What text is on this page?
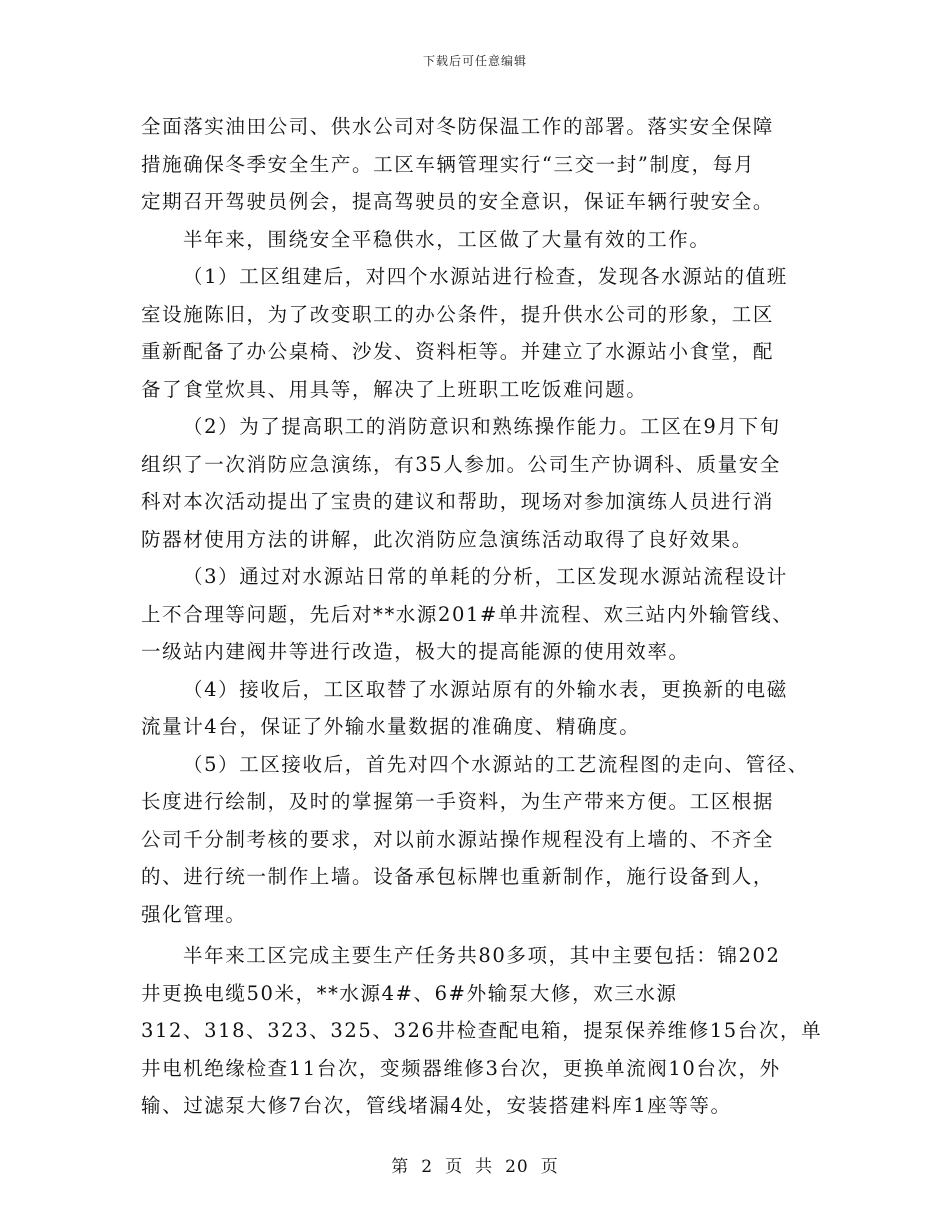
下载后可任意编辑
全面落实油田公司、供水公司对冬防保温工作的部署。落实安全保障
措施确保冬季安全生产。工区车辆管理实行“三交一封”制度，每月
定期召开驾驶员例会，提高驾驶员的安全意识，保证车辆行驶安全。
半年来，围绕安全平稳供水，工区做了大量有效的工作。
（1）工区组建后，对四个水源站进行检查，发现各水源站的值班
室设施陈旧，为了改变职工的办公条件，提升供水公司的形象，工区
重新配备了办公桌椅、沙发、资料柜等。并建立了水源站小食堂，配
备了食堂炊具、用具等，解决了上班职工吃饭难问题。
（2）为了提高职工的消防意识和熟练操作能力。工区在9月下旬
组织了一次消防应急演练，有35人参加。公司生产协调科、质量安全
科对本次活动提出了宝贵的建议和帮助，现场对参加演练人员进行消
防器材使用方法的讲解，此次消防应急演练活动取得了良好效果。
（3）通过对水源站日常的单耗的分析，工区发现水源站流程设计
上不合理等问题，先后对**水源201#单井流程、欢三站内外输管线、
一级站内建阀井等进行改造，极大的提高能源的使用效率。
（4）接收后，工区取替了水源站原有的外输水表，更换新的电磁
流量计4台，保证了外输水量数据的准确度、精确度。
（5）工区接收后，首先对四个水源站的工艺流程图的走向、管径、
长度进行绘制，及时的掌握第一手资料，为生产带来方便。工区根据
公司千分制考核的要求，对以前水源站操作规程没有上墙的、不齐全
的、进行统一制作上墙。设备承包标牌也重新制作，施行设备到人，
强化管理。
半年来工区完成主要生产任务共80多项，其中主要包括：锦202
井更换电缆50米，**水源4#、6#外输泵大修，欢三水源
312、318、323、325、326井检查配电箱，提泵保养维修15台次，单
井电机绝缘检查11台次，变频器维修3台次，更换单流阀10台次，外
输、过滤泵大修7台次，管线堵漏4处，安装搭建料库1座等等。
第 2 页 共 20 页
